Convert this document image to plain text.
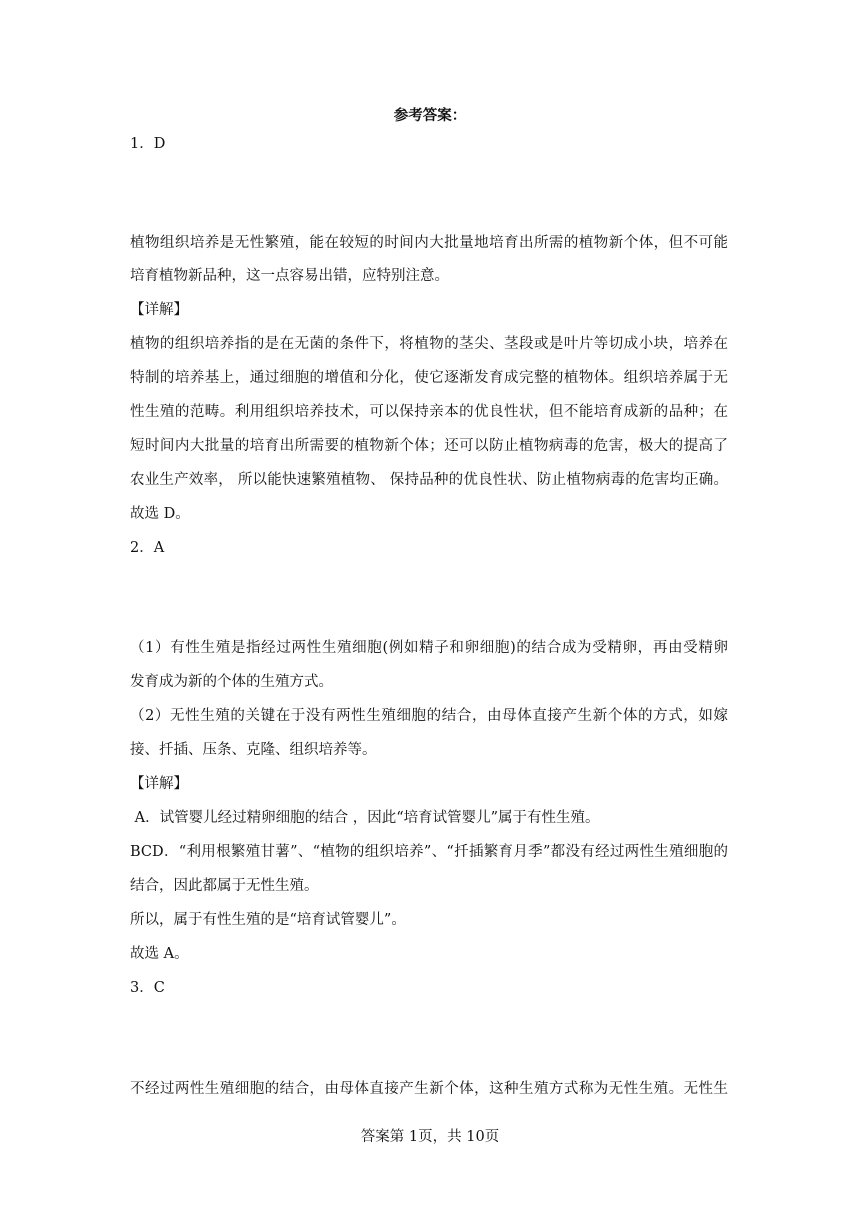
参考答案：
1．D
植物组织培养是无性繁殖，能在较短的时间内大批量地培育出所需的植物新个体，但不可能
培育植物新品种，这一点容易出错，应特别注意。
【详解】
植物的组织培养指的是在无菌的条件下，将植物的茎尖、茎段或是叶片等切成小块，培养在
特制的培养基上，通过细胞的增值和分化，使它逐渐发育成完整的植物体。组织培养属于无
性生殖的范畴。利用组织培养技术，可以保持亲本的优良性状，但不能培育成新的品种；在
短时间内大批量的培育出所需要的植物新个体；还可以防止植物病毒的危害，极大的提高了
农业生产效率， 所以能快速繁殖植物、 保持品种的优良性状、防止植物病毒的危害均正确。
故选 D。
2．A
（1）有性生殖是指经过两性生殖细胞(例如精子和卵细胞)的结合成为受精卵，再由受精卵
发育成为新的个体的生殖方式。
（2）无性生殖的关键在于没有两性生殖细胞的结合，由母体直接产生新个体的方式，如嫁
接、扦插、压条、克隆、组织培养等。
【详解】
A．试管婴儿经过精卵细胞的结合 ，因此“培育试管婴儿”属于有性生殖。
BCD．“利用根繁殖甘薯”、“植物的组织培养”、“扦插繁育月季”都没有经过两性生殖细胞的
结合，因此都属于无性生殖。
所以，属于有性生殖的是“培育试管婴儿”。
故选 A。
3．C
不经过两性生殖细胞的结合，由母体直接产生新个体，这种生殖方式称为无性生殖。无性生
答案第 1页，共 10页
